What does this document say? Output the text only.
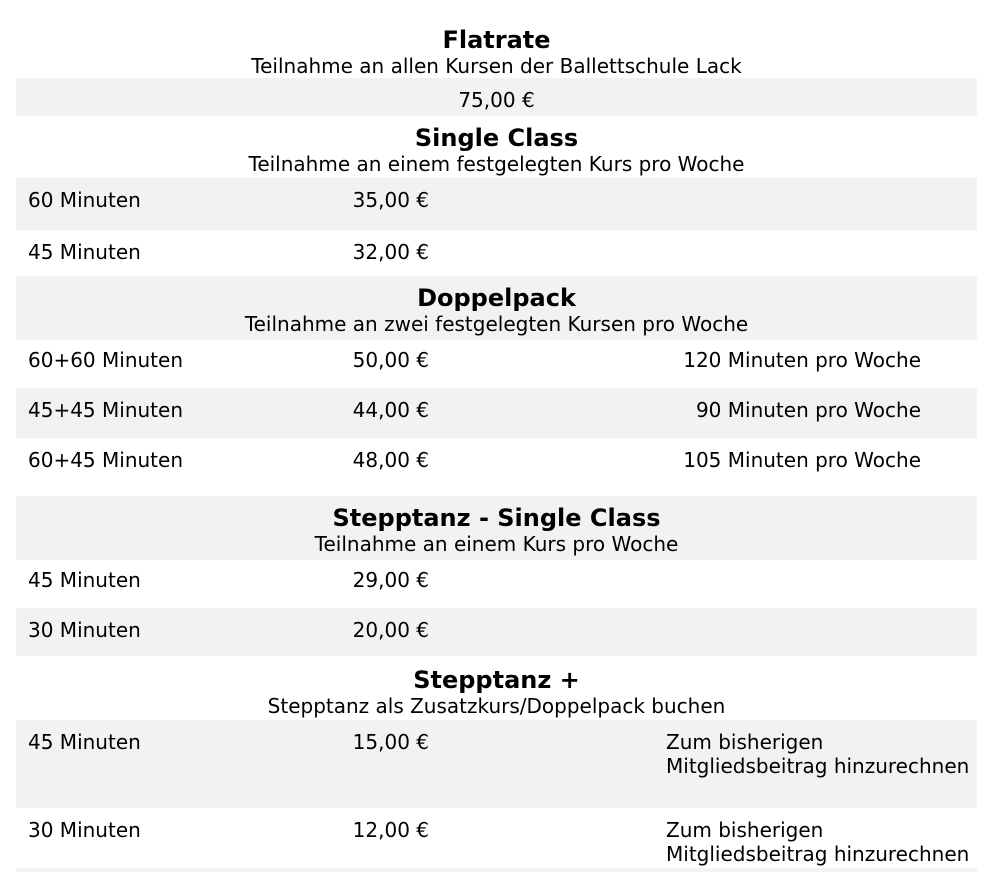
Flatrate
Teilnahme an allen Kursen der Ballettschule Lack
75,00 €
Single Class
Teilnahme an einem festgelegten Kurs pro Woche
60 Minuten	35,00 €
45 Minuten	32,00 €
Doppelpack
Teilnahme an zwei festgelegten Kursen pro Woche
60+60 Minuten	50,00 €	120 Minuten pro Woche
45+45 Minuten	44,00 €	90 Minuten pro Woche
60+45 Minuten	48,00 €	105 Minuten pro Woche
Stepptanz - Single Class
Teilnahme an einem Kurs pro Woche
45 Minuten	29,00 €
30 Minuten	20,00 €
Stepptanz +
Stepptanz als Zusatzkurs/Doppelpack buchen
45 Minuten	15,00 €	Zum bisherigen
Mitgliedsbeitrag hinzurechnen
30 Minuten	12,00 €	Zum bisherigen
Mitgliedsbeitrag hinzurechnen
